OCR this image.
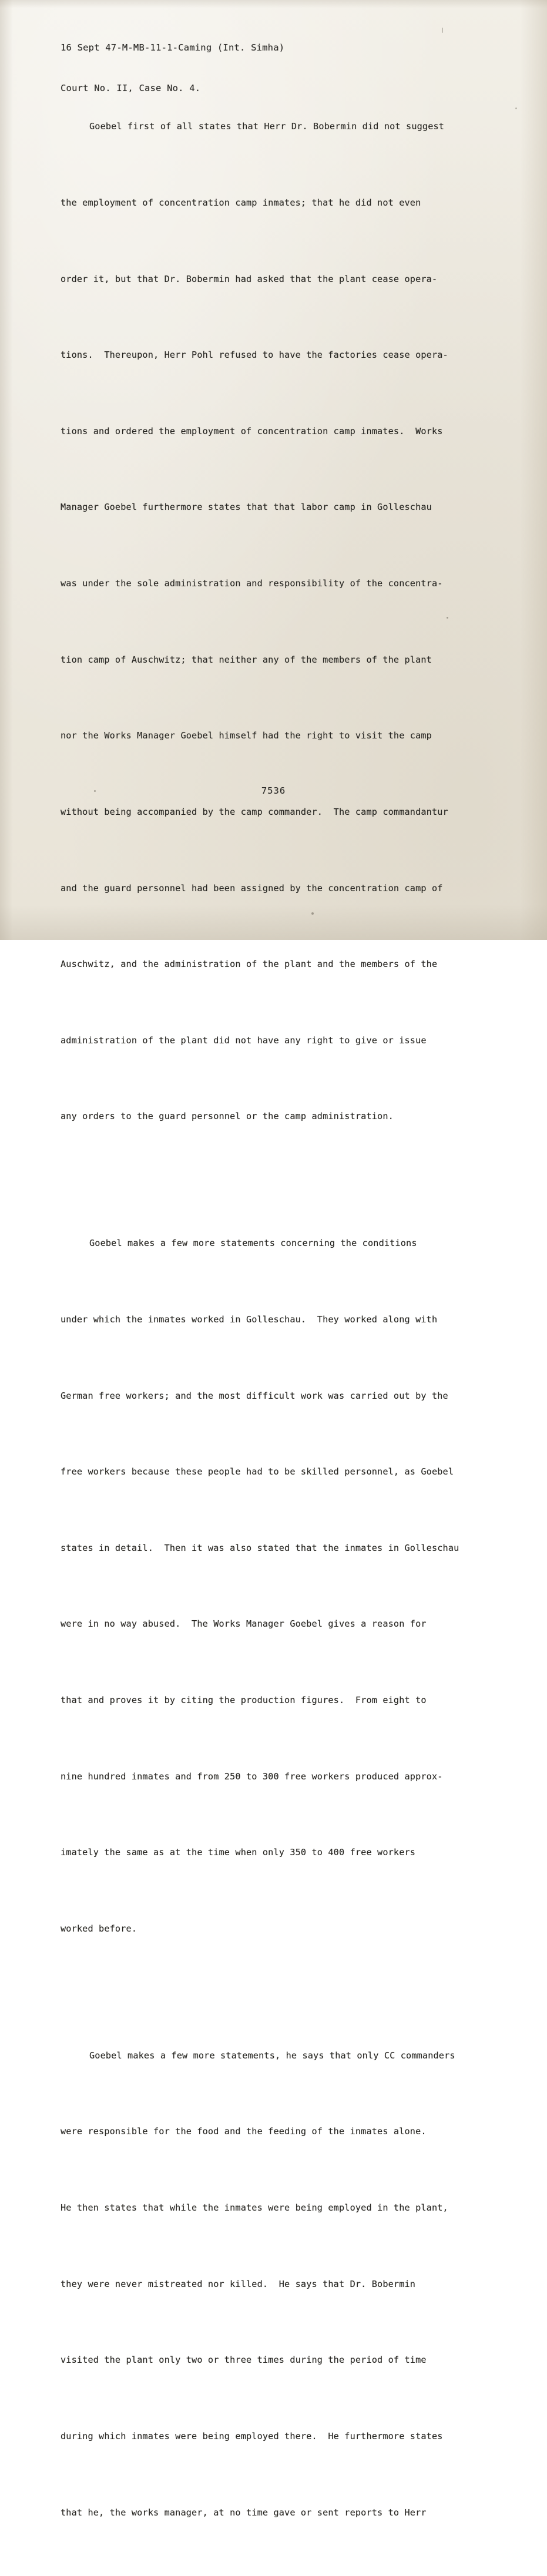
16 Sept 47-M-MB-11-1-Caming (Int. Simha)

Court No. II, Case No. 4.

Goebel first of all states that Herr Dr. Bobermin did not suggest

the employment of concentration camp inmates; that he did not even

order it, but that Dr. Bobermin had asked that the plant cease opera-

tions.  Thereupon, Herr Pohl refused to have the factories cease opera-

tions and ordered the employment of concentration camp inmates.  Works

Manager Goebel furthermore states that that labor camp in Golleschau

was under the sole administration and responsibility of the concentra-

tion camp of Auschwitz; that neither any of the members of the plant

nor the Works Manager Goebel himself had the right to visit the camp

without being accompanied by the camp commander.  The camp commandantur

and the guard personnel had been assigned by the concentration camp of

Auschwitz, and the administration of the plant and the members of the

administration of the plant did not have any right to give or issue

any orders to the guard personnel or the camp administration.

Goebel makes a few more statements concerning the conditions

under which the inmates worked in Golleschau.  They worked along with

German free workers; and the most difficult work was carried out by the

free workers because these people had to be skilled personnel, as Goebel

states in detail.  Then it was also stated that the inmates in Golleschau

were in no way abused.  The Works Manager Goebel gives a reason for

that and proves it by citing the production figures.  From eight to

nine hundred inmates and from 250 to 300 free workers produced approx-

imately the same as at the time when only 350 to 400 free workers

worked before.

Goebel makes a few more statements, he says that only CC commanders

were responsible for the food and the feeding of the inmates alone.

He then states that while the inmates were being employed in the plant,

they were never mistreated nor killed.  He says that Dr. Bobermin

visited the plant only two or three times during the period of time

during which inmates were being employed there.  He furthermore states

that he, the works manager, at no time gave or sent reports to Herr

7536
